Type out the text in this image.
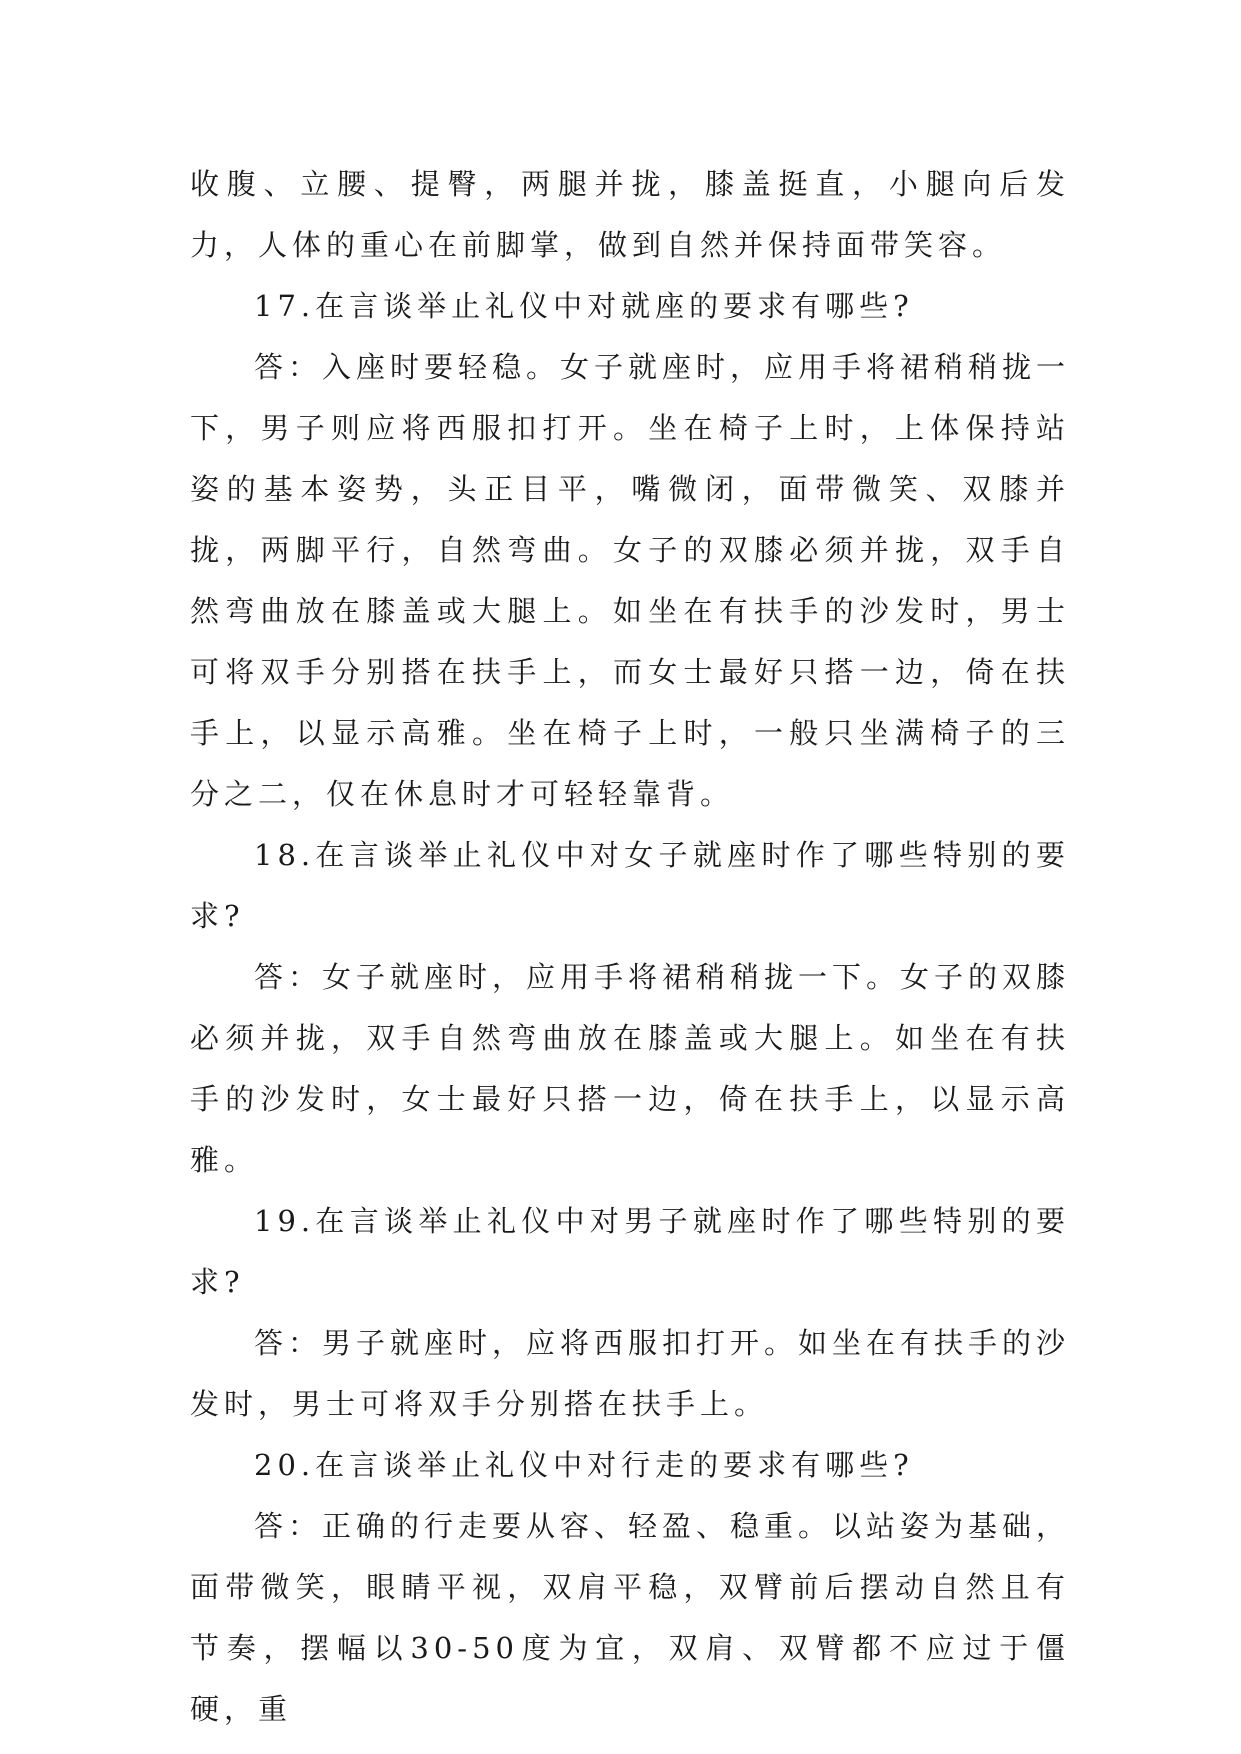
收腹、立腰、提臀，两腿并拢，膝盖挺直，小腿向后发力，人体的重心在前脚掌，做到自然并保持面带笑容。

17.在言谈举止礼仪中对就座的要求有哪些?

答：入座时要轻稳。女子就座时，应用手将裙稍稍拢一下，男子则应将西服扣打开。坐在椅子上时，上体保持站姿的基本姿势，头正目平，嘴微闭，面带微笑、双膝并拢，两脚平行，自然弯曲。女子的双膝必须并拢，双手自然弯曲放在膝盖或大腿上。如坐在有扶手的沙发时，男士可将双手分别搭在扶手上，而女士最好只搭一边，倚在扶手上，以显示高雅。坐在椅子上时，一般只坐满椅子的三分之二，仅在休息时才可轻轻靠背。

18.在言谈举止礼仪中对女子就座时作了哪些特别的要求?

答：女子就座时，应用手将裙稍稍拢一下。女子的双膝必须并拢，双手自然弯曲放在膝盖或大腿上。如坐在有扶手的沙发时，女士最好只搭一边，倚在扶手上，以显示高雅。

19.在言谈举止礼仪中对男子就座时作了哪些特别的要求?

答：男子就座时，应将西服扣打开。如坐在有扶手的沙发时，男士可将双手分别搭在扶手上。

20.在言谈举止礼仪中对行走的要求有哪些?

答：正确的行走要从容、轻盈、稳重。以站姿为基础，面带微笑，眼睛平视，双肩平稳，双臂前后摆动自然且有节奏，摆幅以30-50度为宜，双肩、双臂都不应过于僵硬，重
